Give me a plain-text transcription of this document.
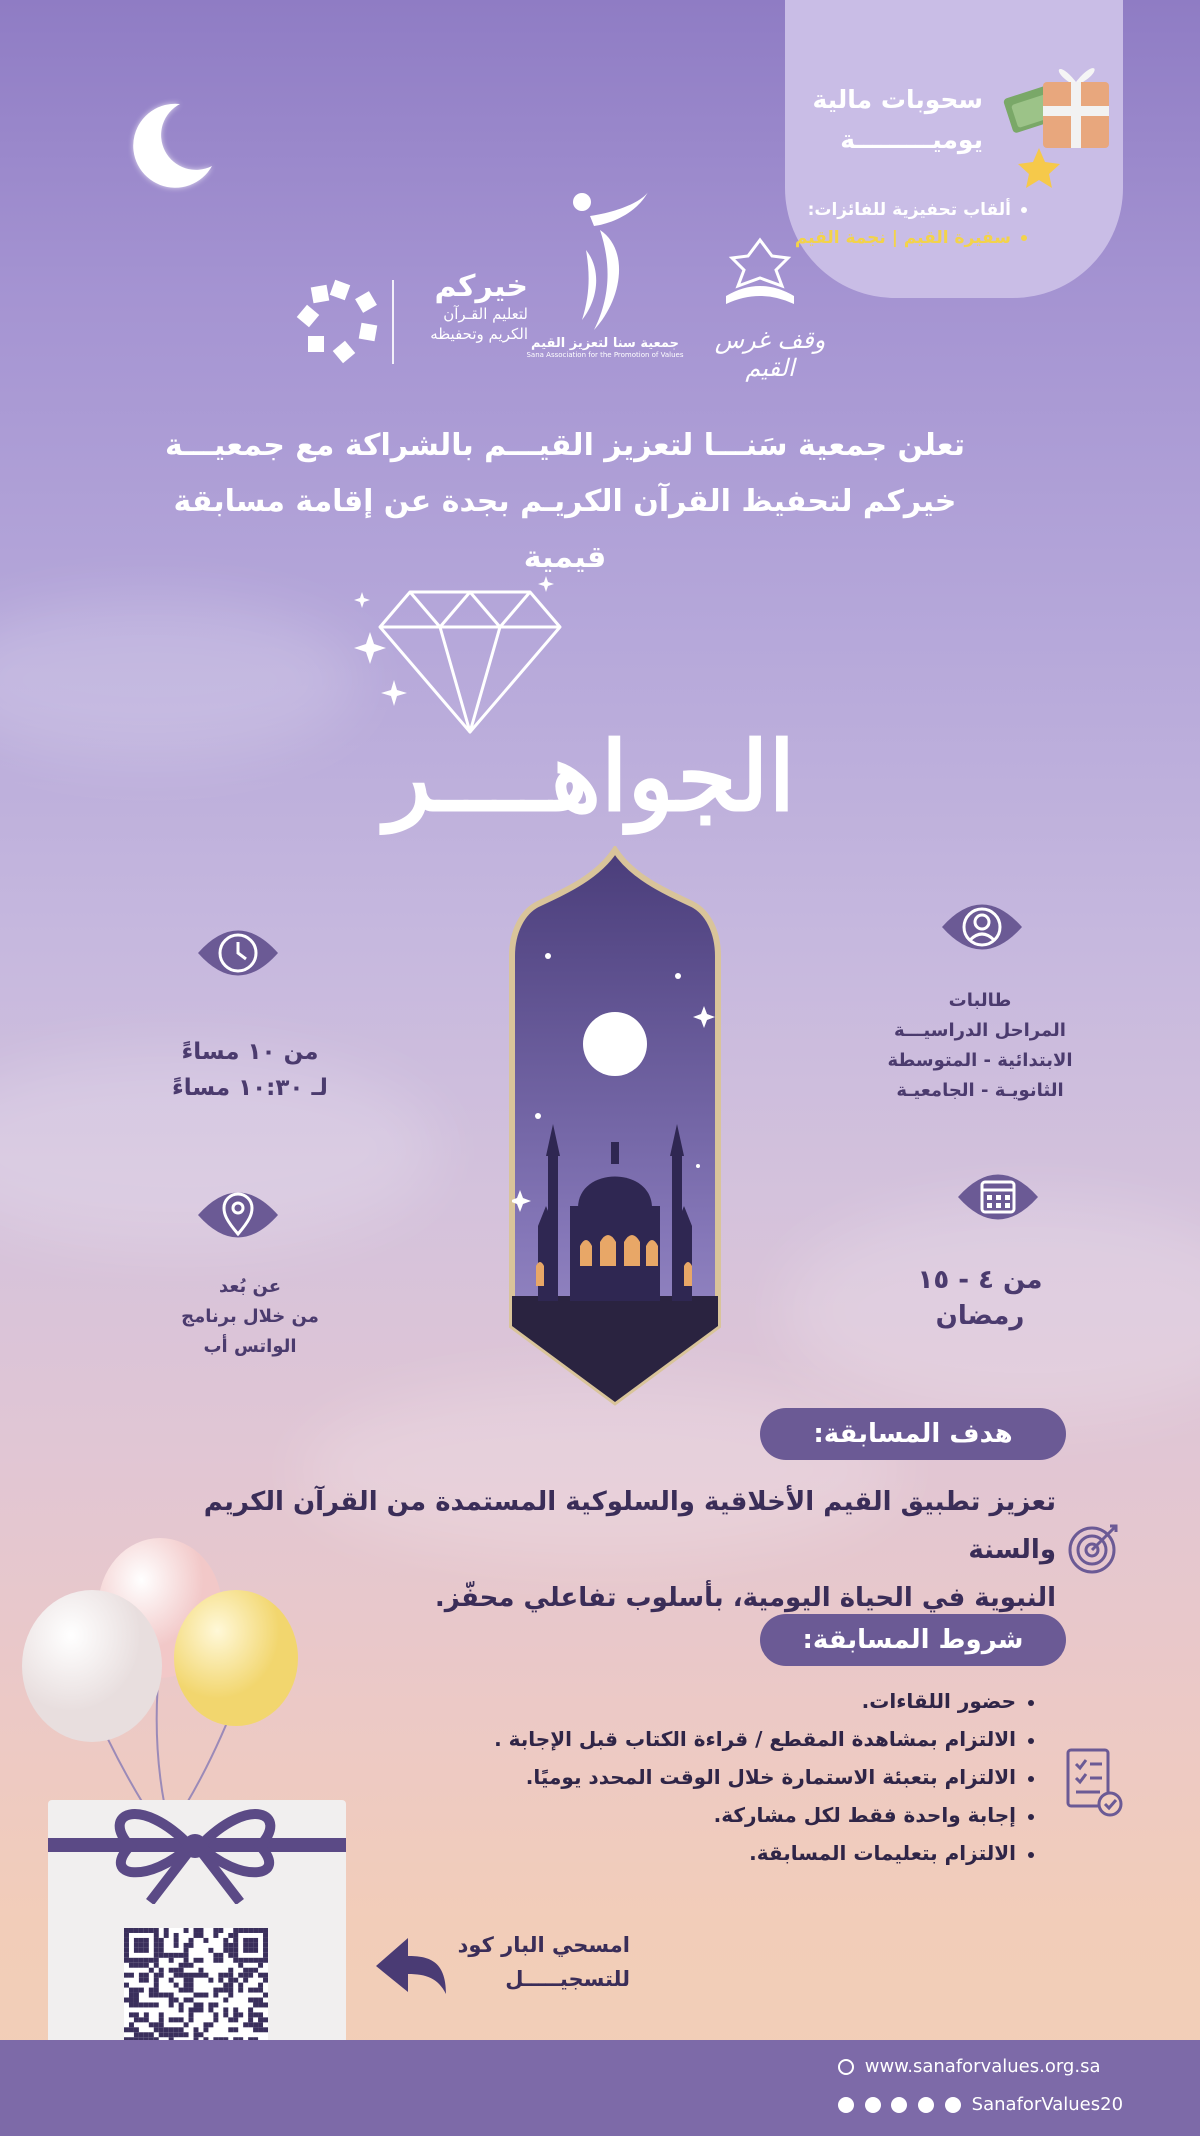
سحوبات مالية
يوميـــــــــة
ألقاب تحفيزية للفائزات:
سفيرة القيم | نجمة القيم
خيركم
لتعليم القـرآن
الكريم وتحفيظه
جمعية سنا لتعزيز القيم
Sana Association for the Promotion of Values
وقف غرس القيم
تعلن جمعية سَنـــا لتعزيز القيـــم بالشراكة مع جمعيـــة
خيركم لتحفيظ القرآن الكريـم بجدة عن إقامة مسابقة قيمية
الجواهــــر
من ١٠ مساءً
لـ ١٠:٣٠ مساءً
طالبات
المراحل الدراسيـــة
الابتدائية - المتوسطة
الثانويـة - الجامعيـة
عن بُعد
من خلال برنامج
الواتس أب
من ٤ - ١٥
رمضان
هدف المسابقة:
تعزيز تطبيق القيم الأخلاقية والسلوكية المستمدة من القرآن الكريم والسنة
النبوية في الحياة اليومية، بأسلوب تفاعلي محفّز.
شروط المسابقة:
حضور اللقاءات.
الالتزام بمشاهدة المقطع / قراءة الكتاب قبل الإجابة .
الالتزام بتعبئة الاستمارة خلال الوقت المحدد يوميًا.
إجابة واحدة فقط لكل مشاركة.
الالتزام بتعليمات المسابقة.
امسحي البار كود
للتسجيـــــل
www.sanaforvalues.org.sa
SanaforValues20
